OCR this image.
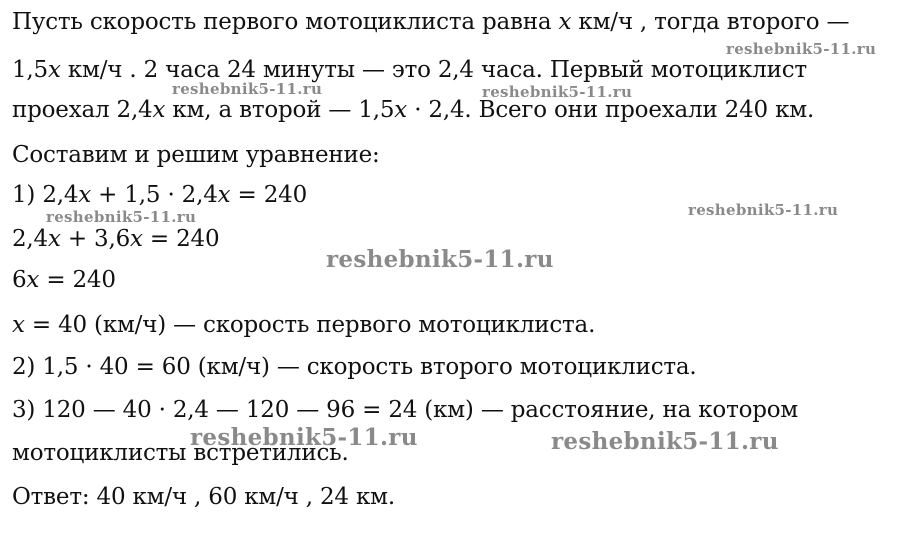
Пусть скорость первого мотоциклиста равна 𝑥 км/ч , тогда второго —
1,5𝑥 км/ч . 2 часа 24 минуты — это 2,4 часа. Первый мотоциклист
проехал 2,4𝑥 км, а второй — 1,5𝑥 · 2,4. Всего они проехали 240 км.
Составим и решим уравнение:
1) 2,4𝑥 + 1,5 · 2,4𝑥 = 240
2,4𝑥 + 3,6𝑥 = 240
6𝑥 = 240
𝑥 = 40 (км/ч) — скорость первого мотоциклиста.
2) 1,5 · 40 = 60 (км/ч) — скорость второго мотоциклиста.
3) 120 — 40 · 2,4 — 120 — 96 = 24 (км) — расстояние, на котором
мотоциклисты встретились.
Ответ: 40 км/ч , 60 км/ч , 24 км.
reshebnik5-11.ru
reshebnik5-11.ru	reshebnik5-11.ru
reshebnik5-11.ru	reshebnik5-11.ru
reshebnik5-11.ru
reshebnik5-11.ru	reshebnik5-11.ru
